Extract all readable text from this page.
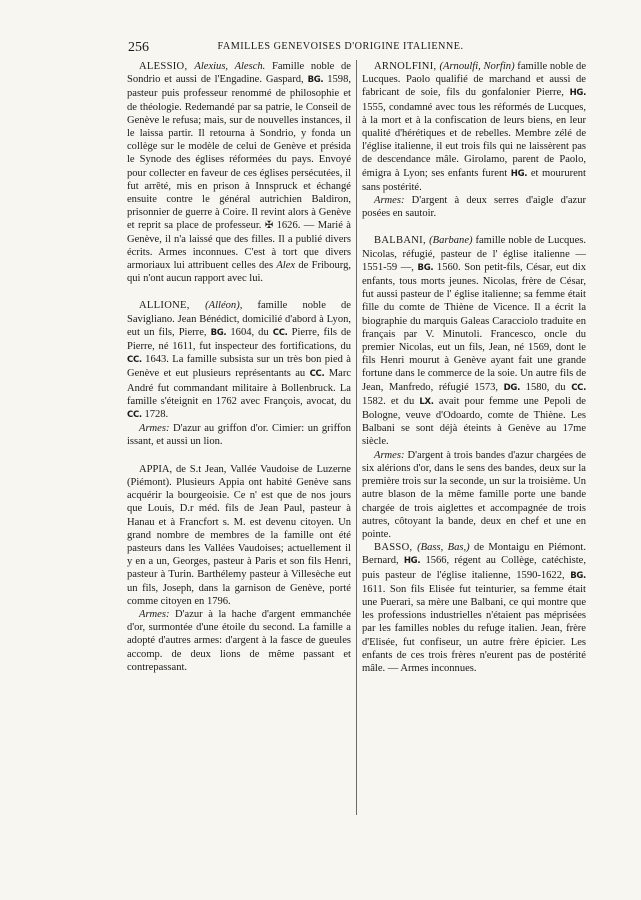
256	FAMILLES GENEVOISES D'ORIGINE ITALIENNE.

ALESSIO, Alexius, Alesch. Famille noble de Sondrio et aussi de l'Engadine. Gaspard, BG. 1598, pasteur puis professeur renommé de philosophie et de théologie. Redemandé par sa patrie, le Conseil de Genève le refusa; mais, sur de nouvelles instances, il le laissa partir. Il retourna à Sondrio, y fonda un collège sur le modèle de celui de Genève et présida le Synode des églises réformées du pays. Envoyé pour collecter en faveur de ces églises persécutées, il fut arrêté, mis en prison à Innspruck et échangé ensuite contre le général autrichien Baldiron, prisonnier de guerre à Coire. Il revint alors à Genève et reprit sa place de professeur. ✠ 1626. — Marié à Genève, il n'a laissé que des filles. Il a publié divers écrits. Armes inconnues. C'est à tort que divers armoriaux lui attribuent celles des Alex de Fribourg, qui n'ont aucun rapport avec lui.

ALLIONE, (Alléon), famille noble de Savigliano. Jean Bénédict, domicilié d'abord à Lyon, eut un fils, Pierre, BG. 1604, du CC. Pierre, fils de Pierre, né 1611, fut inspecteur des fortifications, du CC. 1643. La famille subsista sur un très bon pied à Genève et eut plusieurs représentants au CC. Marc André fut commandant militaire à Bollenbruck. La famille s'éteignit en 1762 avec François, avocat, du CC. 1728.

Armes: D'azur au griffon d'or. Cimier: un griffon issant, et aussi un lion.

APPIA, de S.t Jean, Vallée Vaudoise de Luzerne (Piémont). Plusieurs Appia ont habité Genève sans acquérir la bourgeoisie. Ce n' est que de nos jours que Louis, D.r méd. fils de Jean Paul, pasteur à Hanau et à Francfort s. M. est devenu citoyen. Un grand nombre de membres de la famille ont été pasteurs dans les Vallées Vaudoises; actuellement il y en a un, Georges, pasteur à Paris et son fils Henri, pasteur à Turin. Barthélemy pasteur à Villesèche eut un fils, Joseph, dans la garnison de Genève, porté comme citoyen en 1796.

Armes: D'azur à la hache d'argent emmanchée d'or, surmontée d'une étoile du second. La famille a adopté d'autres armes: d'argent à la fasce de gueules accomp. de deux lions de même passant et contrepassant.

ARNOLFINI, (Arnoulfi, Norfin) famille noble de Lucques. Paolo qualifié de marchand et aussi de fabricant de soie, fils du gonfalonier Pierre, HG. 1555, condamné avec tous les réformés de Lucques, à la mort et à la confiscation de leurs biens, en leur qualité d'hérétiques et de rebelles. Membre zélé de l'église italienne, il eut trois fils qui ne laissèrent pas de descendance mâle. Girolamo, parent de Paolo, émigra à Lyon; ses enfants furent HG. et moururent sans postérité.

Armes: D'argent à deux serres d'aigle d'azur posées en sautoir.

BALBANI, (Barbane) famille noble de Lucques. Nicolas, réfugié, pasteur de l' église italienne — 1551-59 —, BG. 1560. Son petit-fils, César, eut dix enfants, tous morts jeunes. Nicolas, frère de César, fut aussi pasteur de l' église italienne; sa femme était fille du comte de Thiène de Vicence. Il a écrit la biographie du marquis Galeas Caracciolo traduite en français par V. Minutoli. Francesco, oncle du premier Nicolas, eut un fils, Jean, né 1569, dont le fils Henri mourut à Genève ayant fait une grande fortune dans le commerce de la soie. Un autre fils de Jean, Manfredo, réfugié 1573, DG. 1580, du CC. 1582. et du LX. avait pour femme une Pepoli de Bologne, veuve d'Odoardo, comte de Thiène. Les Balbani se sont déjà éteints à Genève au 17me siècle.

Armes: D'argent à trois bandes d'azur chargées de six alérions d'or, dans le sens des bandes, deux sur la première trois sur la seconde, un sur la troisième. Un autre blason de la même famille porte une bande chargée de trois aiglettes et accompagnée de trois autres, côtoyant la bande, deux en chef et une en pointe.

BASSO, (Bass, Bas,) de Montaigu en Piémont. Bernard, HG. 1566, régent au Collège, catéchiste, puis pasteur de l'église italienne, 1590-1622, BG. 1611. Son fils Elisée fut teinturier, sa femme était une Puerari, sa mère une Balbani, ce qui montre que les professions industrielles n'étaient pas méprisées par les familles nobles du refuge italien. Jean, frère d'Elisée, fut confiseur, un autre frère épicier. Les enfants de ces trois frères n'eurent pas de postérité mâle. — Armes inconnues.
